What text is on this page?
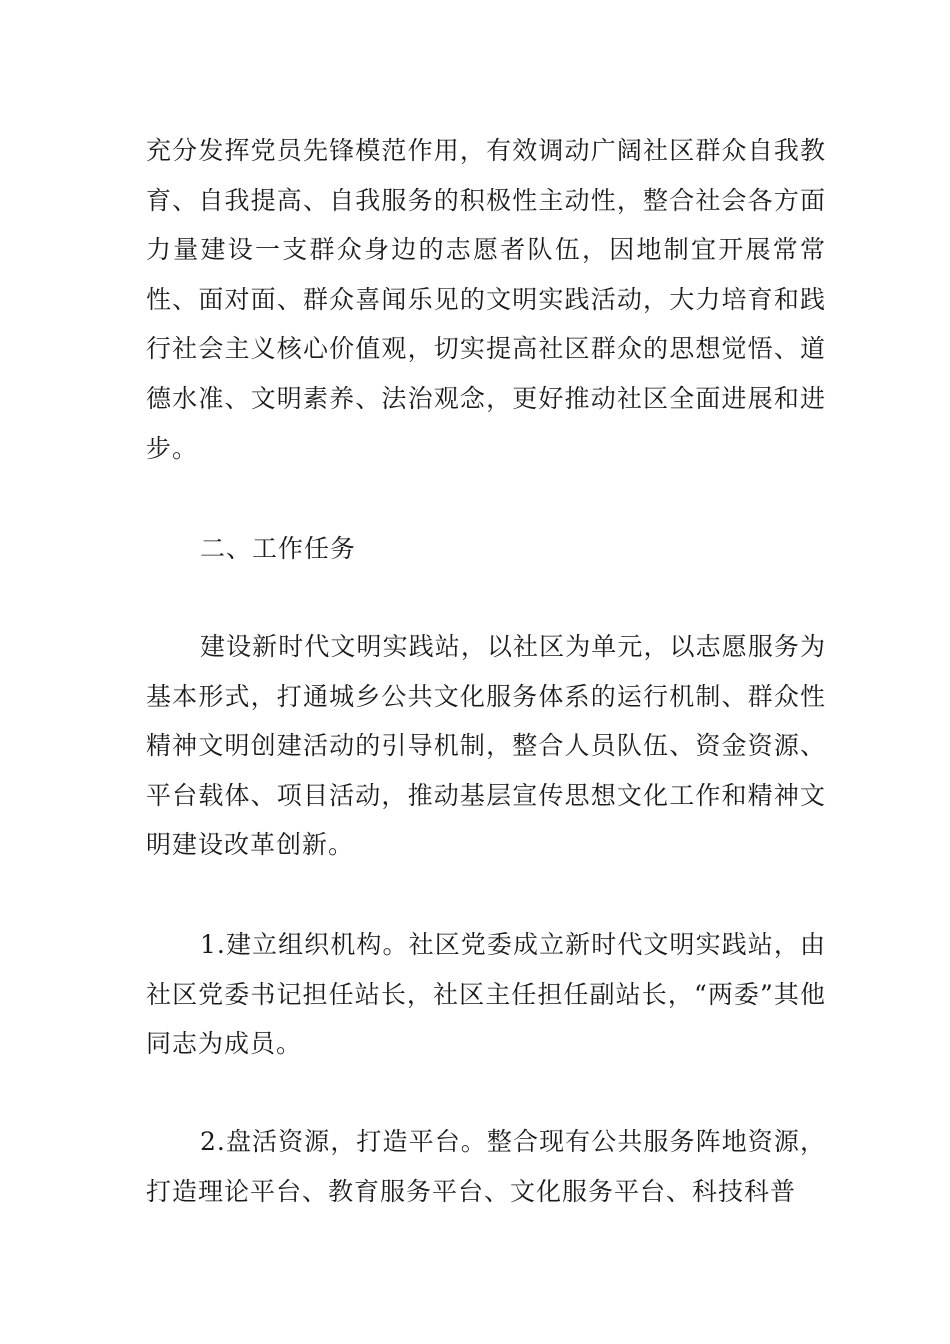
充分发挥党员先锋模范作用，有效调动广阔社区群众自我教育、自我提高、自我服务的积极性主动性，整合社会各方面力量建设一支群众身边的志愿者队伍，因地制宜开展常常性、面对面、群众喜闻乐见的文明实践活动，大力培育和践行社会主义核心价值观，切实提高社区群众的思想觉悟、道德水准、文明素养、法治观念，更好推动社区全面进展和进步。

二、工作任务

建设新时代文明实践站，以社区为单元，以志愿服务为基本形式，打通城乡公共文化服务体系的运行机制、群众性精神文明创建活动的引导机制，整合人员队伍、资金资源、平台载体、项目活动，推动基层宣传思想文化工作和精神文明建设改革创新。

1.建立组织机构。社区党委成立新时代文明实践站，由社区党委书记担任站长，社区主任担任副站长，“两委”其他同志为成员。

2.盘活资源，打造平台。整合现有公共服务阵地资源，打造理论平台、教育服务平台、文化服务平台、科技科普
